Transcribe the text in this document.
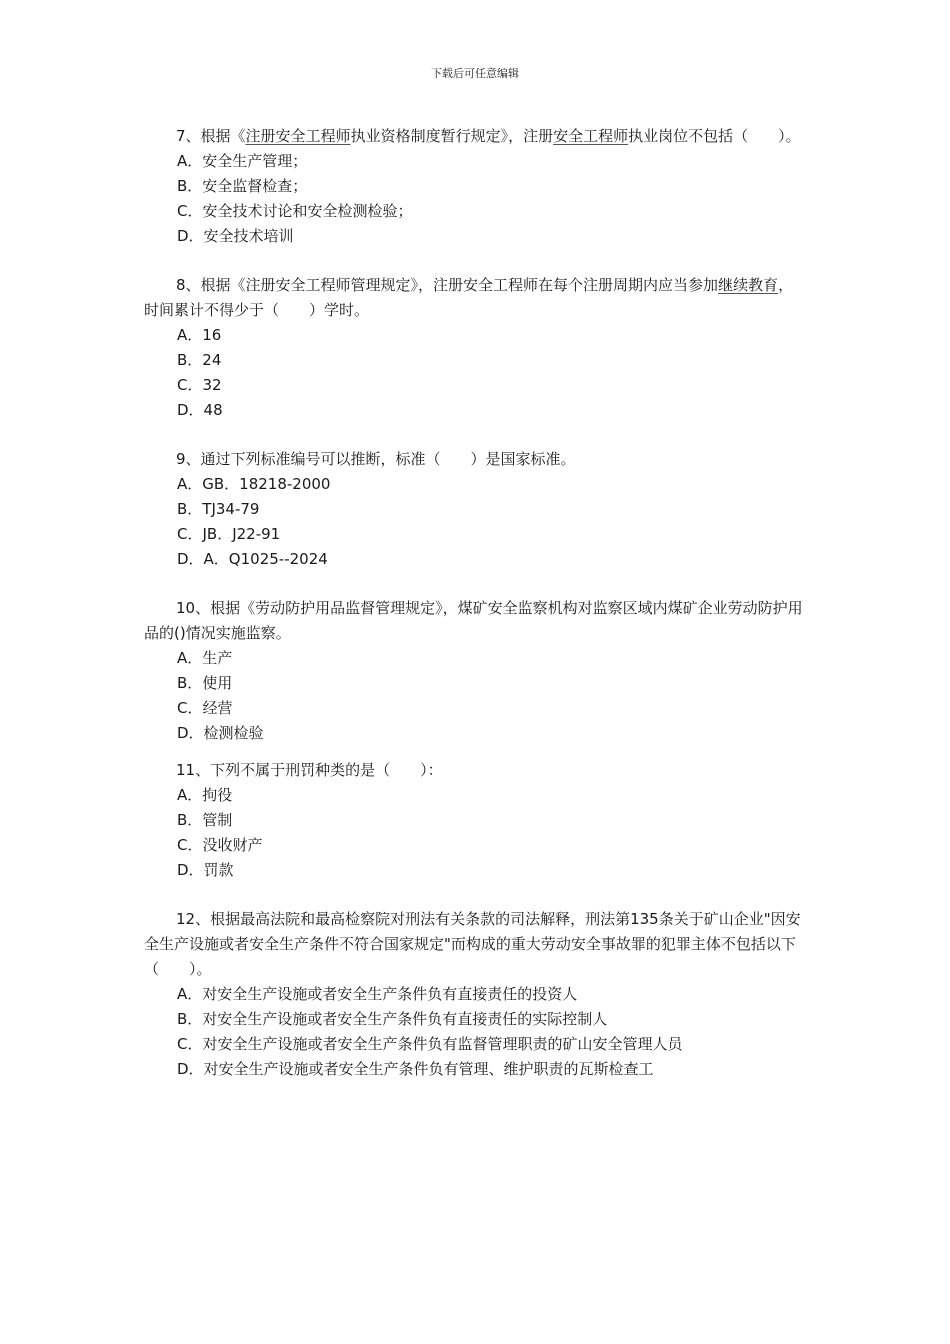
下载后可任意编辑

7、根据《注册安全工程师执业资格制度暂行规定》，注册安全工程师执业岗位不包括（　　）。

A．安全生产管理；
B．安全监督检查；
C．安全技术讨论和安全检测检验；
D．安全技术培训

8、根据《注册安全工程师管理规定》，注册安全工程师在每个注册周期内应当参加继续教育，时间累计不得少于（　　）学时。

A．16
B．24
C．32
D．48

9、通过下列标准编号可以推断，标准（　　）是国家标准。

A．GB．18218-2000
B．TJ34-79
C．JB．J22-91
D．A．Q1025--2024

10、根据《劳动防护用品监督管理规定》，煤矿安全监察机构对监察区域内煤矿企业劳动防护用品的()情况实施监察。

A．生产
B．使用
C．经营
D．检测检验

11、下列不属于刑罚种类的是（　　）：

A．拘役
B．管制
C．没收财产
D．罚款

12、根据最高法院和最高检察院对刑法有关条款的司法解释，刑法第135条关于矿山企业"因安全生产设施或者安全生产条件不符合国家规定"而构成的重大劳动安全事故罪的犯罪主体不包括以下（　　）。

A．对安全生产设施或者安全生产条件负有直接责任的投资人
B．对安全生产设施或者安全生产条件负有直接责任的实际控制人
C．对安全生产设施或者安全生产条件负有监督管理职责的矿山安全管理人员
D．对安全生产设施或者安全生产条件负有管理、维护职责的瓦斯检查工
